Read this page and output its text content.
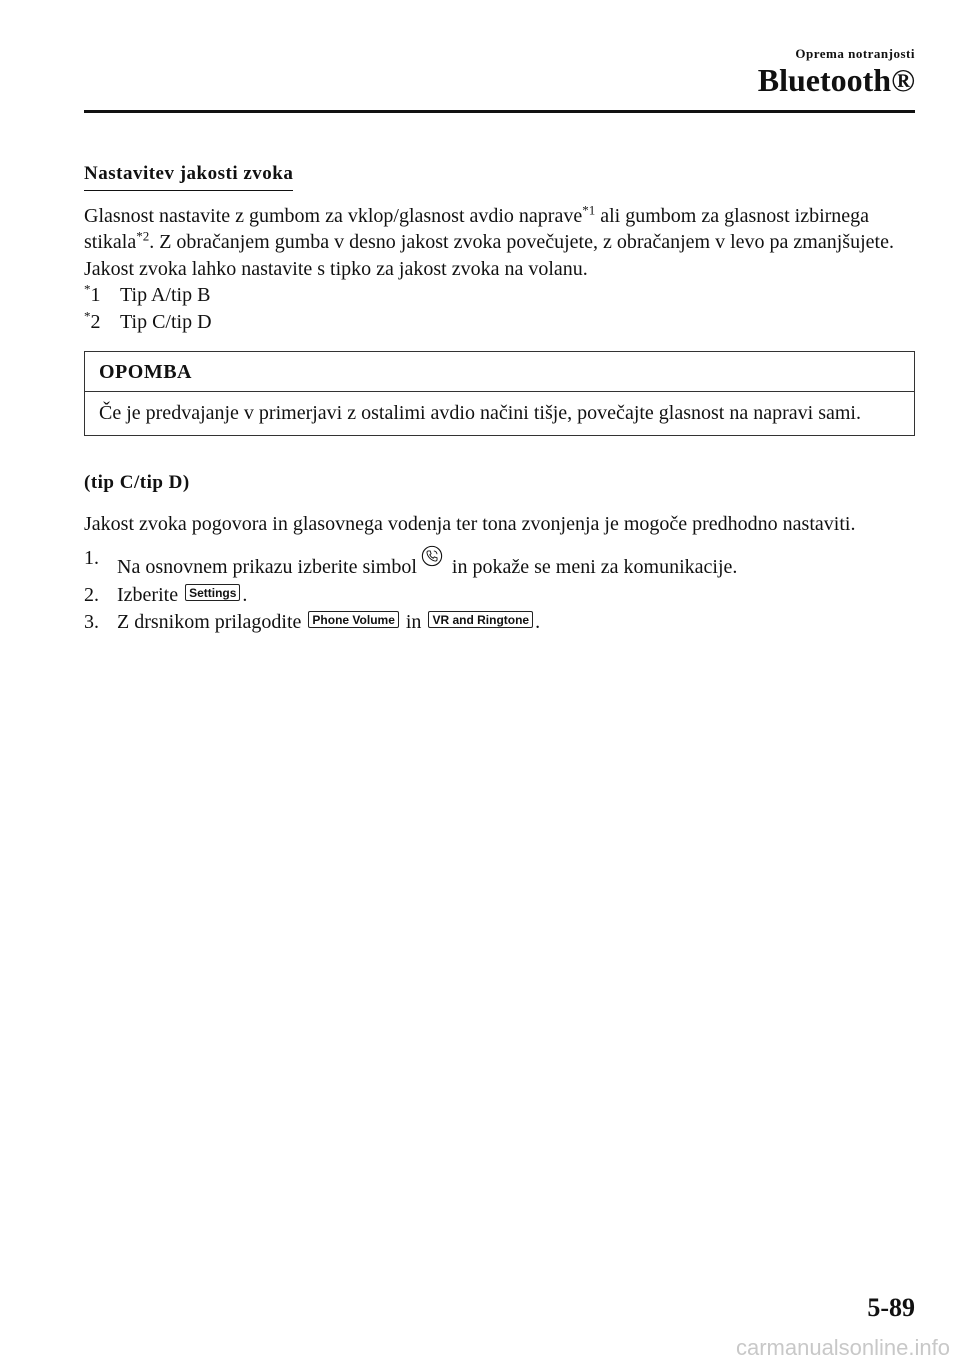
Oprema notranjosti
Bluetooth®
Nastavitev jakosti zvoka

Glasnost nastavite z gumbom za vklop/glasnost avdio naprave$^{*1}$ ali gumbom za glasnost izbirnega stikala$^{*2}$. Z obračanjem gumba v desno jakost zvoka povečujete, z obračanjem v levo pa zmanjšujete.

Jakost zvoka lahko nastavite s tipko za jakost zvoka na volanu.

*1 Tip A/tip B
*2 Tip C/tip D
OPOMBA
Če je predvajanje v primerjavi z ostalimi avdio načini tišje, povečajte glasnost na napravi sami.
(tip C/tip D)

Jakost zvoka pogovora in glasovnega vodenja ter tona zvonjenja je mogoče predhodno nastaviti.

1. Na osnovnem prikazu izberite simbol in pokaže se meni za komunikacije.
2. Izberite Settings .
3. Z drsnikom prilagodite Phone Volume in VR and Ringtone .
5-89
carmanualsonline.info
